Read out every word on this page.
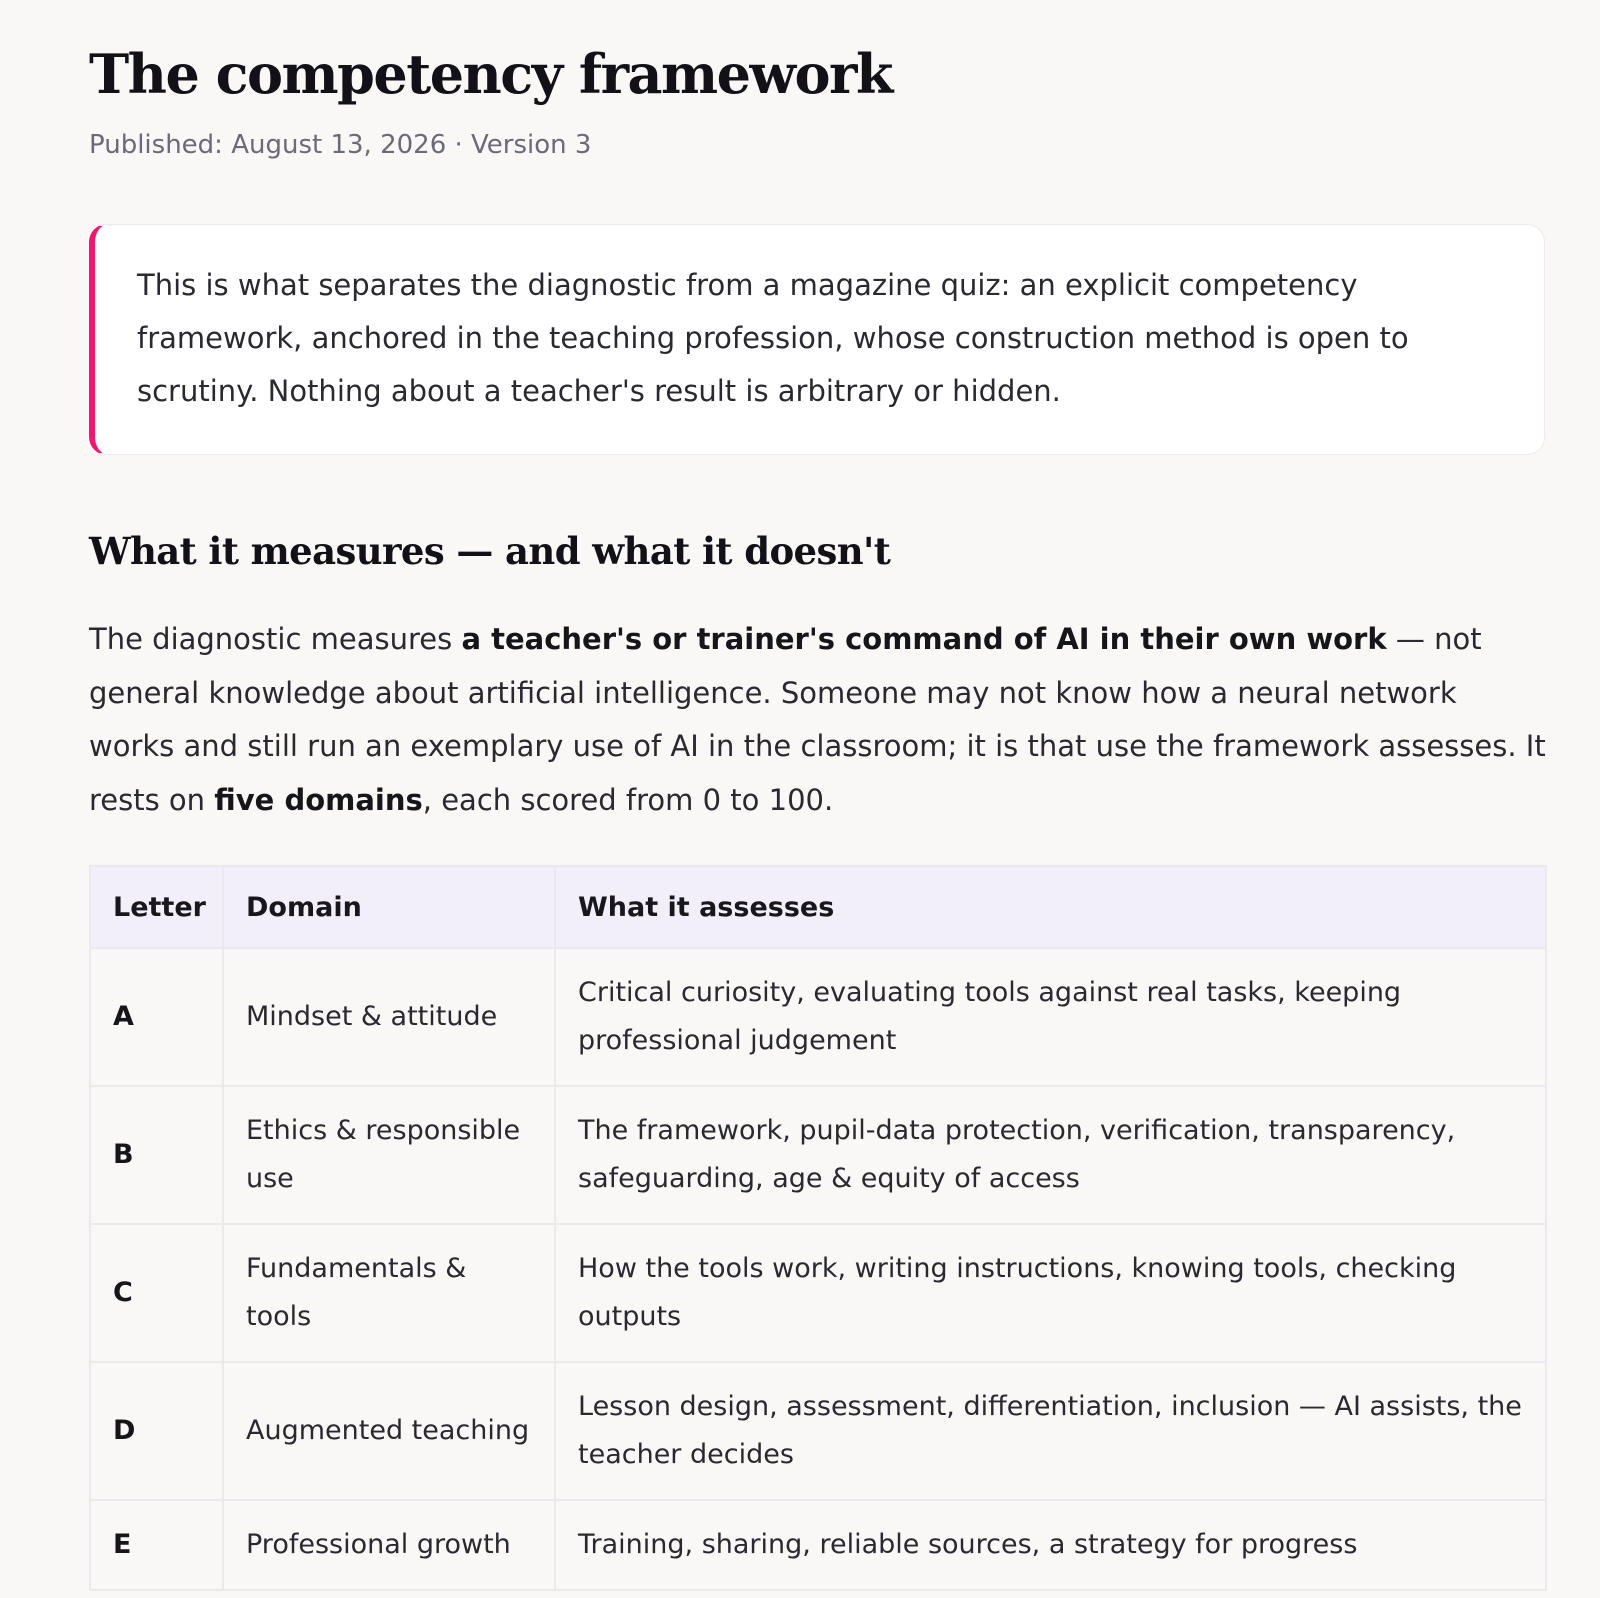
The competency framework
Published: August 13, 2026 · Version 3

This is what separates the diagnostic from a magazine quiz: an explicit competency framework, anchored in the teaching profession, whose construction method is open to scrutiny. Nothing about a teacher's result is arbitrary or hidden.

What it measures — and what it doesn't

The diagnostic measures a teacher's or trainer's command of AI in their own work — not general knowledge about artificial intelligence. Someone may not know how a neural network works and still run an exemplary use of AI in the classroom; it is that use the framework assesses. It rests on five domains, each scored from 0 to 100.

Letter	Domain	What it assesses
A	Mindset & attitude	Critical curiosity, evaluating tools against real tasks, keeping professional judgement
B	Ethics & responsible use	The framework, pupil-data protection, verification, transparency, safeguarding, age & equity of access
C	Fundamentals & tools	How the tools work, writing instructions, knowing tools, checking outputs
D	Augmented teaching	Lesson design, assessment, differentiation, inclusion — AI assists, the teacher decides
E	Professional growth	Training, sharing, reliable sources, a strategy for progress
